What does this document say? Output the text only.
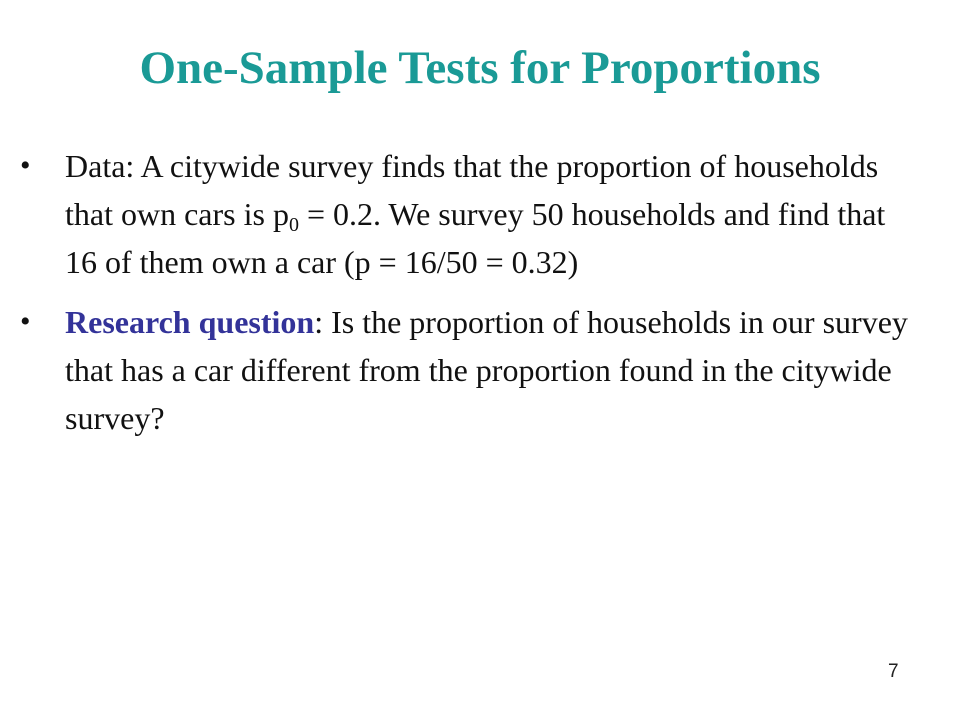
One-Sample Tests for Proportions
•	Data: A citywide survey finds that the proportion of households that own cars is $p_0 = 0.2$. We survey 50 households and find that 16 of them own a car (p = 16/50 = 0.32)
•	Research question: Is the proportion of households in our survey that has a car different from the proportion found in the citywide survey?
7
